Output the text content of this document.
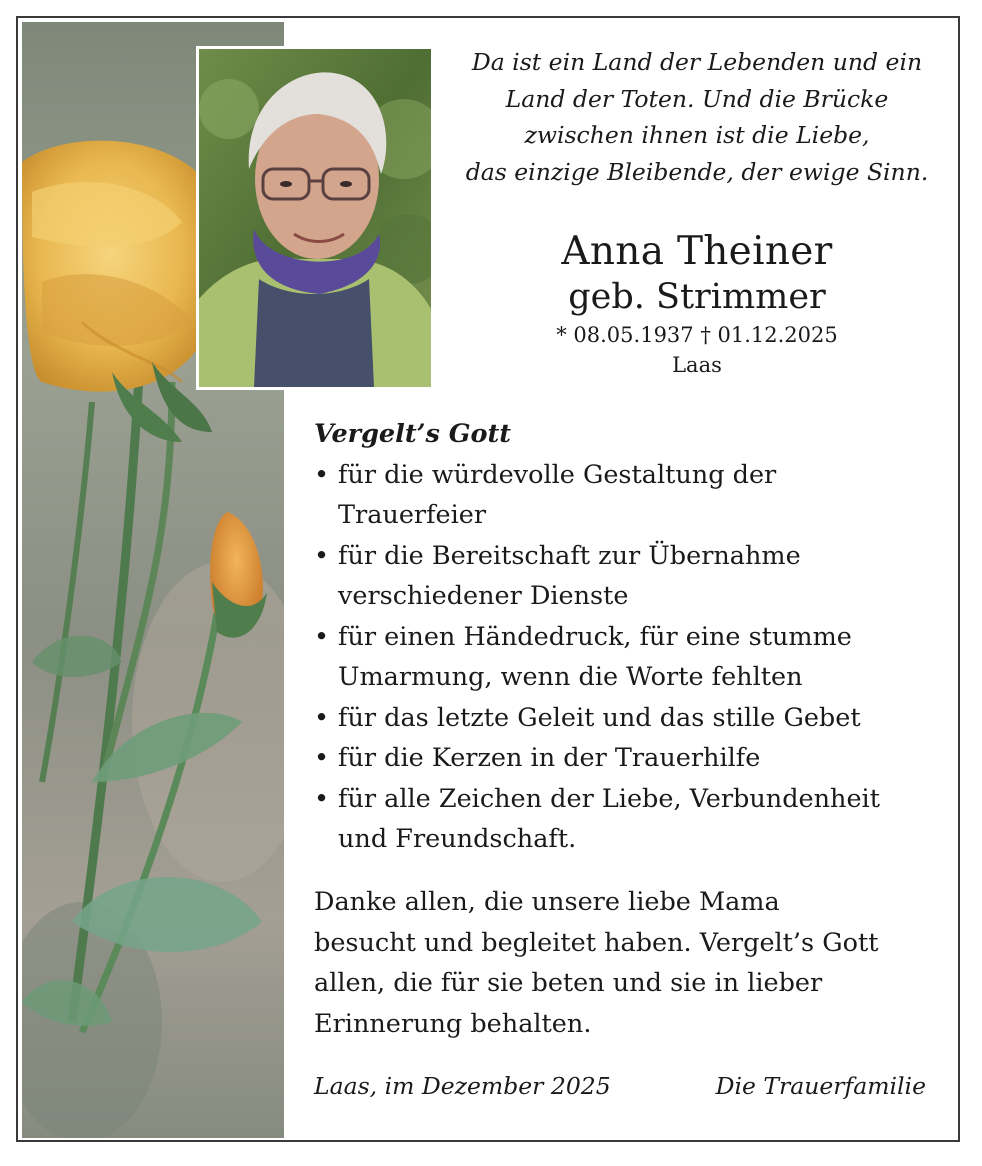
Da ist ein Land der Lebenden und ein
Land der Toten. Und die Brücke
zwischen ihnen ist die Liebe,
das einzige Bleibende, der ewige Sinn.
Anna Theiner
geb. Strimmer
* 08.05.1937 † 01.12.2025
Laas
Vergelt’s Gott
• für die würdevolle Gestaltung der
Trauerfeier
• für die Bereitschaft zur Übernahme
verschiedener Dienste
• für einen Händedruck, für eine stumme
Umarmung, wenn die Worte fehlten
• für das letzte Geleit und das stille Gebet
• für die Kerzen in der Trauerhilfe
• für alle Zeichen der Liebe, Verbundenheit
und Freundschaft.
Danke allen, die unsere liebe Mama
besucht und begleitet haben. Vergelt’s Gott
allen, die für sie beten und sie in lieber
Erinnerung behalten.
Laas, im Dezember 2025	Die Trauerfamilie
